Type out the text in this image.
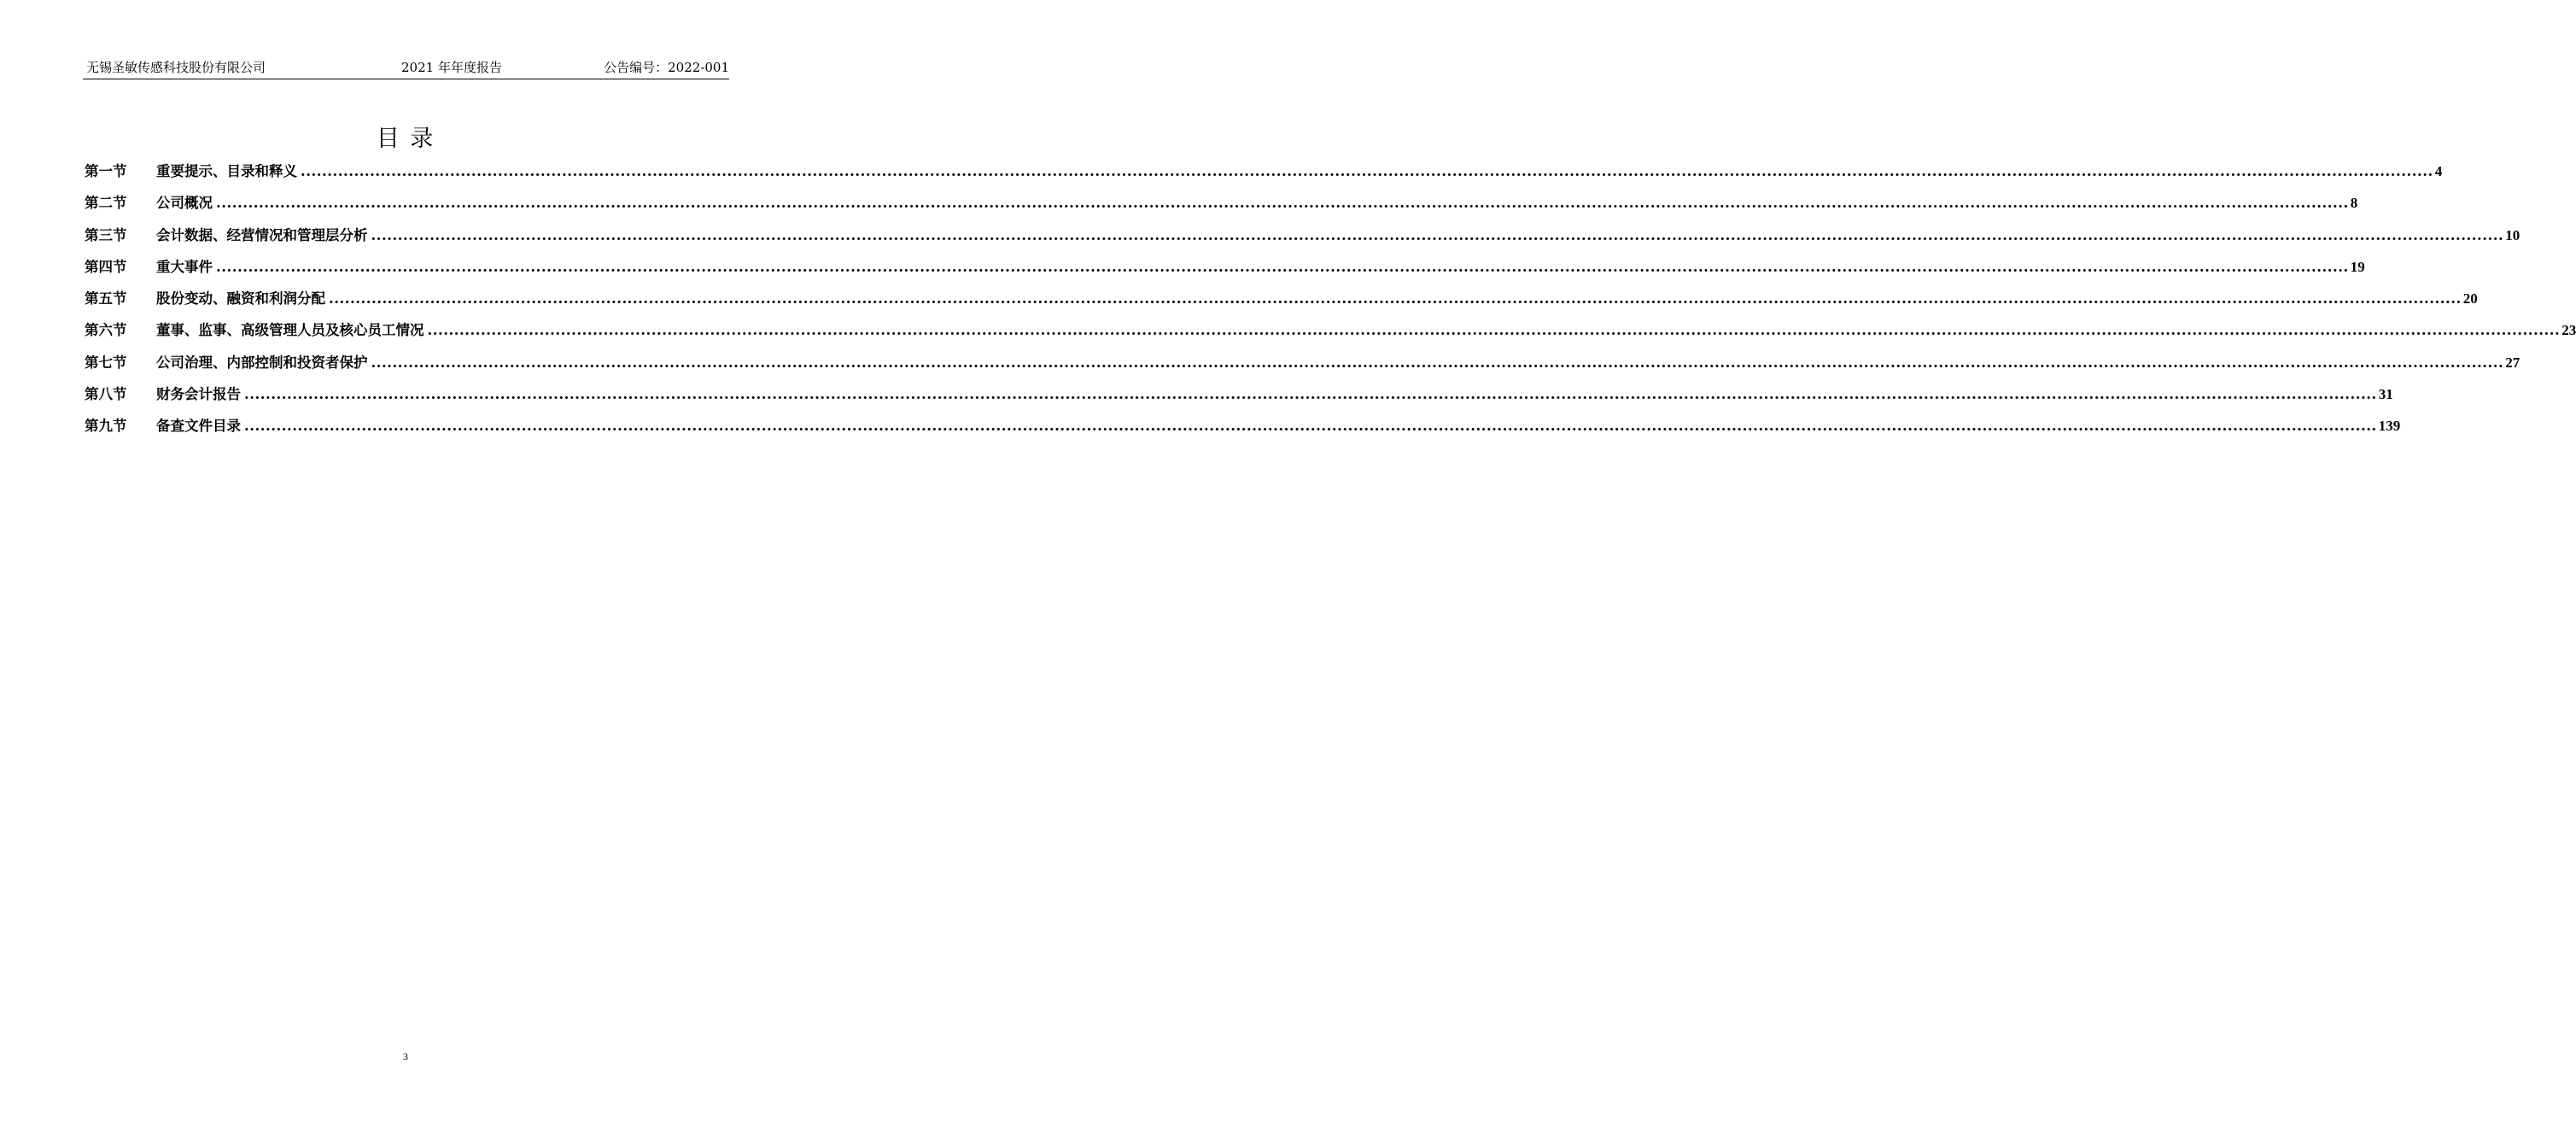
无锡圣敏传感科技股份有限公司	2021 年年度报告	公告编号：2022-001
目 录
第一节	重要提示、目录和释义 ................................................................................................................................................................................................................................................................................................................................................................................................................ 4
第二节	公司概况 ................................................................................................................................................................................................................................................................................................................................................................................................................ 8
第三节	会计数据、经营情况和管理层分析 ................................................................................................................................................................................................................................................................................................................................................................................................................ 10
第四节	重大事件 ................................................................................................................................................................................................................................................................................................................................................................................................................ 19
第五节	股份变动、融资和利润分配 ................................................................................................................................................................................................................................................................................................................................................................................................................ 20
第六节	董事、监事、高级管理人员及核心员工情况 ................................................................................................................................................................................................................................................................................................................................................................................................................ 23
第七节	公司治理、内部控制和投资者保护 ................................................................................................................................................................................................................................................................................................................................................................................................................ 27
第八节	财务会计报告 ................................................................................................................................................................................................................................................................................................................................................................................................................ 31
第九节	备查文件目录 ................................................................................................................................................................................................................................................................................................................................................................................................................ 139
3
